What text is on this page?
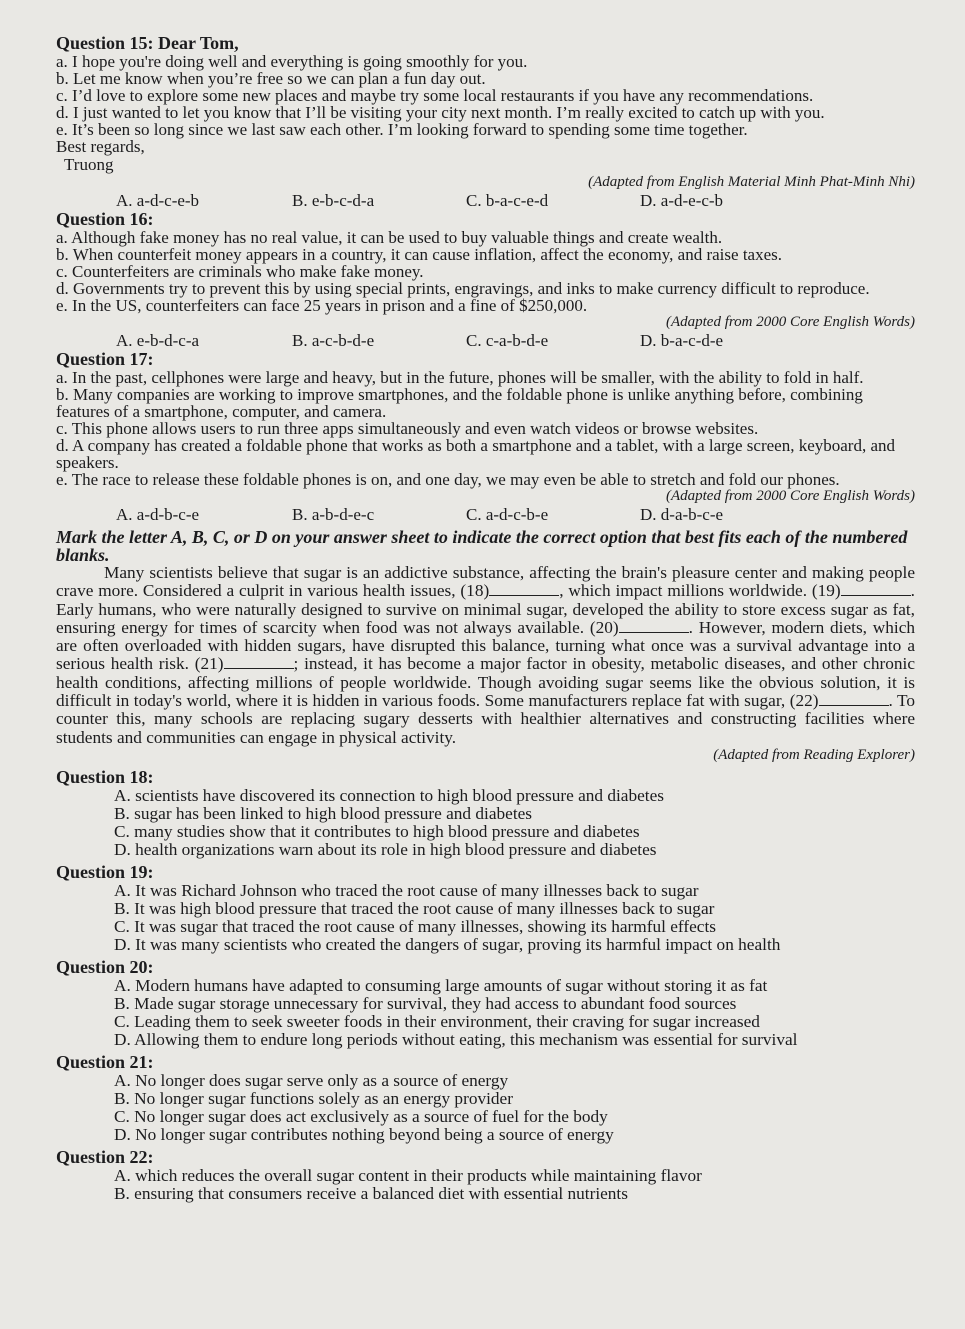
Question 15: Dear Tom,
a. I hope you're doing well and everything is going smoothly for you.
b. Let me know when you’re free so we can plan a fun day out.
c. I’d love to explore some new places and maybe try some local restaurants if you have any recommendations.
d. I just wanted to let you know that I’ll be visiting your city next month. I’m really excited to catch up with you.
e. It’s been so long since we last saw each other. I’m looking forward to spending some time together.
Best regards,
Truong
(Adapted from English Material Minh Phat-Minh Nhi)
A. a-d-c-e-b	B. e-b-c-d-a	C. b-a-c-e-d	D. a-d-e-c-b
Question 16:
a. Although fake money has no real value, it can be used to buy valuable things and create wealth.
b. When counterfeit money appears in a country, it can cause inflation, affect the economy, and raise taxes.
c. Counterfeiters are criminals who make fake money.
d. Governments try to prevent this by using special prints, engravings, and inks to make currency difficult to reproduce.
e. In the US, counterfeiters can face 25 years in prison and a fine of $250,000.
(Adapted from 2000 Core English Words)
A. e-b-d-c-a	B. a-c-b-d-e	C. c-a-b-d-e	D. b-a-c-d-e
Question 17:
a. In the past, cellphones were large and heavy, but in the future, phones will be smaller, with the ability to fold in half.
b. Many companies are working to improve smartphones, and the foldable phone is unlike anything before, combining features of a smartphone, computer, and camera.
c. This phone allows users to run three apps simultaneously and even watch videos or browse websites.
d. A company has created a foldable phone that works as both a smartphone and a tablet, with a large screen, keyboard, and speakers.
e. The race to release these foldable phones is on, and one day, we may even be able to stretch and fold our phones.
(Adapted from 2000 Core English Words)
A. a-d-b-c-e	B. a-b-d-e-c	C. a-d-c-b-e	D. d-a-b-c-e
Mark the letter A, B, C, or D on your answer sheet to indicate the correct option that best fits each of the numbered blanks.
Many scientists believe that sugar is an addictive substance, affecting the brain's pleasure center and making people crave more. Considered a culprit in various health issues, (18)	, which impact millions worldwide. (19)	. Early humans, who were naturally designed to survive on minimal sugar, developed the ability to store excess sugar as fat, ensuring energy for times of scarcity when food was not always available. (20)	. However, modern diets, which are often overloaded with hidden sugars, have disrupted this balance, turning what once was a survival advantage into a serious health risk. (21)	; instead, it has become a major factor in obesity, metabolic diseases, and other chronic health conditions, affecting millions of people worldwide. Though avoiding sugar seems like the obvious solution, it is difficult in today's world, where it is hidden in various foods. Some manufacturers replace fat with sugar, (22)	. To counter this, many schools are replacing sugary desserts with healthier alternatives and constructing facilities where students and communities can engage in physical activity.
(Adapted from Reading Explorer)
Question 18:
A. scientists have discovered its connection to high blood pressure and diabetes
B. sugar has been linked to high blood pressure and diabetes
C. many studies show that it contributes to high blood pressure and diabetes
D. health organizations warn about its role in high blood pressure and diabetes
Question 19:
A. It was Richard Johnson who traced the root cause of many illnesses back to sugar
B. It was high blood pressure that traced the root cause of many illnesses back to sugar
C. It was sugar that traced the root cause of many illnesses, showing its harmful effects
D. It was many scientists who created the dangers of sugar, proving its harmful impact on health
Question 20:
A. Modern humans have adapted to consuming large amounts of sugar without storing it as fat
B. Made sugar storage unnecessary for survival, they had access to abundant food sources
C. Leading them to seek sweeter foods in their environment, their craving for sugar increased
D. Allowing them to endure long periods without eating, this mechanism was essential for survival
Question 21:
A. No longer does sugar serve only as a source of energy
B. No longer sugar functions solely as an energy provider
C. No longer sugar does act exclusively as a source of fuel for the body
D. No longer sugar contributes nothing beyond being a source of energy
Question 22:
A. which reduces the overall sugar content in their products while maintaining flavor
B. ensuring that consumers receive a balanced diet with essential nutrients
